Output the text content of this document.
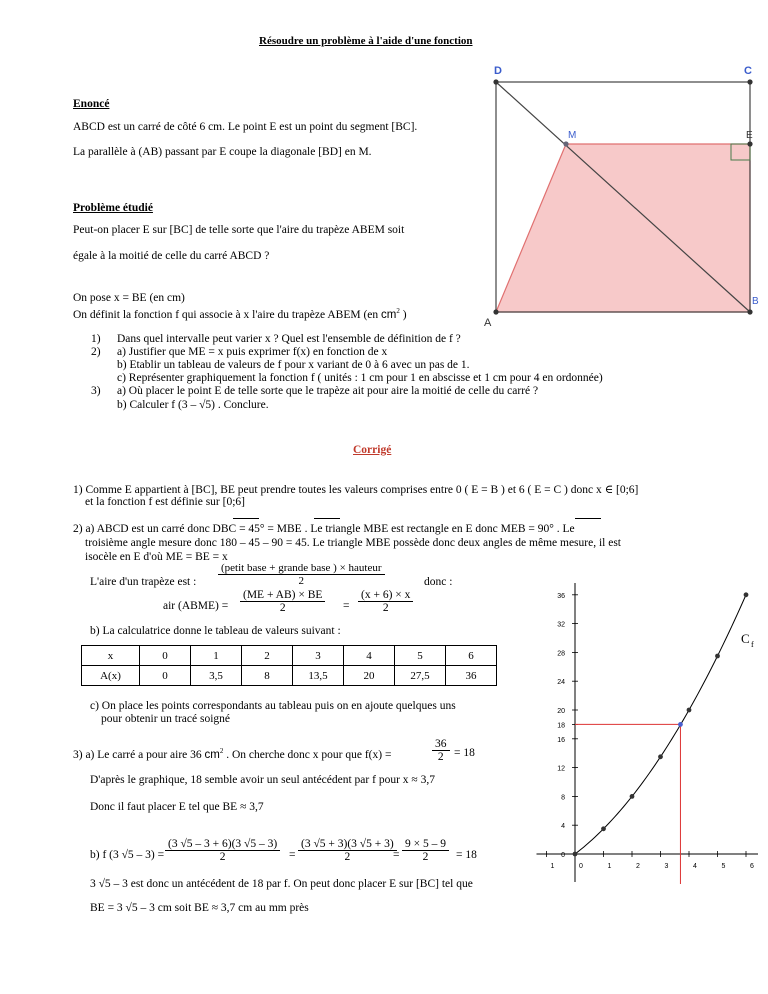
Résoudre un problème à l'aide d'une fonction
Enoncé
ABCD est un carré de côté 6 cm. Le point E est un point du segment [BC].
La parallèle à (AB) passant par E coupe la diagonale [BD] en M.
Problème étudié
Peut-on placer E sur [BC] de telle sorte que l'aire du trapèze ABEM soit
égale à la moitié de celle du carré ABCD ?
On pose x = BE (en cm)
On définit la fonction f qui associe à x l'aire du trapèze ABEM (en $cm^2$ )
1) Dans quel intervalle peut varier x ? Quel est l'ensemble de définition de f ?
2) a) Justifier que ME = x puis exprimer f(x) en fonction de x
b) Etablir un tableau de valeurs de f pour x variant de 0 à 6 avec un pas de 1.
c) Représenter graphiquement la fonction f ( unités : 1 cm pour 1 en abscisse et 1 cm pour 4 en ordonnée)
3) a) Où placer le point E de telle sorte que le trapèze ait pour aire la moitié de celle du carré ?
b) Calculer f (3 – √5) . Conclure.
D	C
M	E
A
B
Corrigé
1) Comme E appartient à [BC], BE peut prendre toutes les valeurs comprises entre 0 ( E = B ) et 6 ( E = C ) donc x ∈ [0;6]
et la fonction f est définie sur [0;6]
2) a) ABCD est un carré donc DBC = 45° = MBE . Le triangle MBE est rectangle en E donc MEB = 90° . Le
troisième angle mesure donc 180 – 45 – 90 = 45. Le triangle MBE possède donc deux angles de même mesure, il est
isocèle en E d'où ME = BE = x
L'aire d'un trapèze est :
(petit base + grande base ) × hauteur
2	donc :
air (ABME) = $\frac{(ME + AB) \times BE}{2} = \frac{(x + 6) \times x}{2}$
b) La calculatrice donne le tableau de valeurs suivant :
x	0	1	2	3	4	5	6
A(x)	0	3,5	8	13,5	20	27,5	36
c) On place les points correspondants au tableau puis on en ajoute quelques uns
pour obtenir un tracé soigné
3) a) Le carré a pour aire 36 $cm^2$ . On cherche donc x pour que f(x) =	$\frac{36}{2} = 18$
D'après le graphique, 18 semble avoir un seul antécédent par f pour x ≈ 3,7
Donc il faut placer E tel que BE ≈ 3,7
b) f (3 $√5 - 3) = \frac{(3 √5 - 3 + 6)(3 √5 - 3)}{2} = \frac{(3 √5 + 3)(3 √5 + 3)}{2}$
= $\frac{9 \times 5 - 9}{2} = 18$
3 √5 – 3 est donc un antécédent de 18 par f. On peut donc placer E sur [BC] tel que
BE = 3 √5 – 3 cm soit BE ≈ 3,7 cm au mm près
36
32
28
24
20
18
16
12
8
4
0
1	0	1	2	3	4	5	6
C f
